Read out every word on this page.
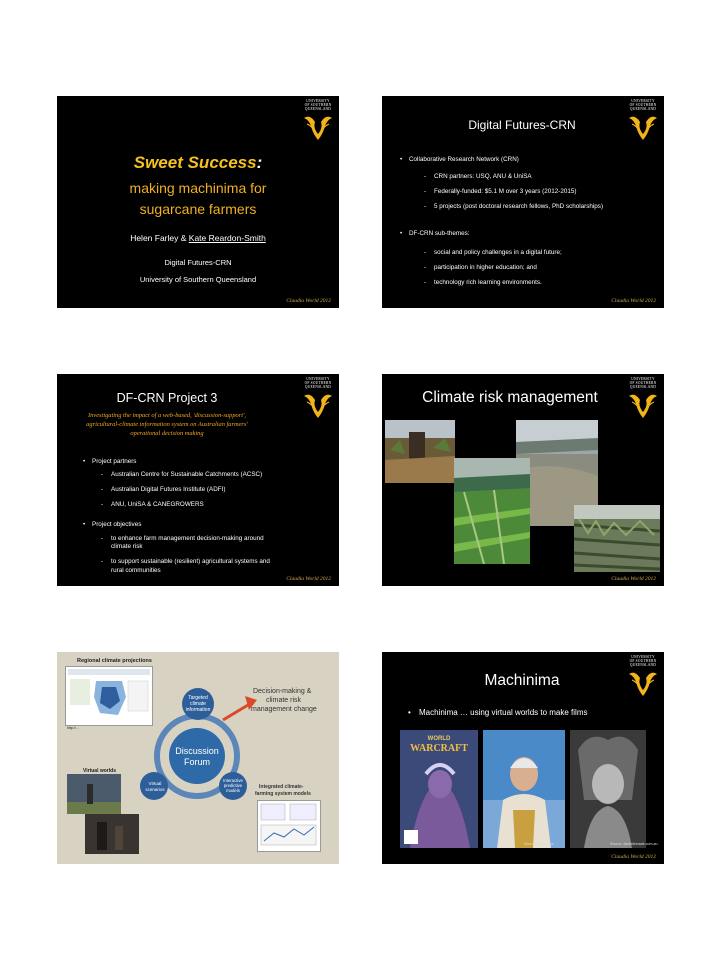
UNIVERSITY
OF SOUTHERN
QUEENSLAND
Sweet Success:
making machinima for
sugarcane farmers
Helen Farley & Kate Reardon-Smith
Digital Futures-CRN
University of Southern Queensland
Claudia World 2012
UNIVERSITY
OF SOUTHERN
QUEENSLAND
Digital Futures-CRN
• Collaborative Research Network (CRN)
- CRN partners: USQ, ANU & UniSA
- Federally-funded: $5.1 M over 3 years (2012-2015)
- 5 projects (post doctoral research fellows, PhD scholarships)
• DF-CRN sub-themes:
- social and policy challenges in a digital future;
- participation in higher education; and
- technology rich learning environments.
Claudia World 2012
UNIVERSITY
OF SOUTHERN
QUEENSLAND
DF-CRN Project 3
Investigating the impact of a web-based, 'discussion-support',
agricultural-climate information system on Australian farmers'
operational decision making
• Project partners
- Australian Centre for Sustainable Catchments (ACSC)
- Australian Digital Futures Institute (ADFI)
- ANU, UniSA & CANEGROWERS
• Project objectives
- to enhance farm management decision-making around
climate risk
- to support sustainable (resilient) agricultural systems and
rural communities
Claudia World 2012
UNIVERSITY
OF SOUTHERN
QUEENSLAND
Climate risk management
Claudia World 2012
Regional climate projections
http://...
Decision-making &
climate risk
management change
Targeted
climate
information
Discussion
Forum
Virtual
scenarios
Interactive
predictive
models
Integrated climate-
farming system models
Virtual worlds
UNIVERSITY
OF SOUTHERN
QUEENSLAND
Machinima
• Machinima … using virtual worlds to make films
WORLD
WARCRAFT
Source: wired.com	Source: daniellemade.com.au
Claudia World 2012
